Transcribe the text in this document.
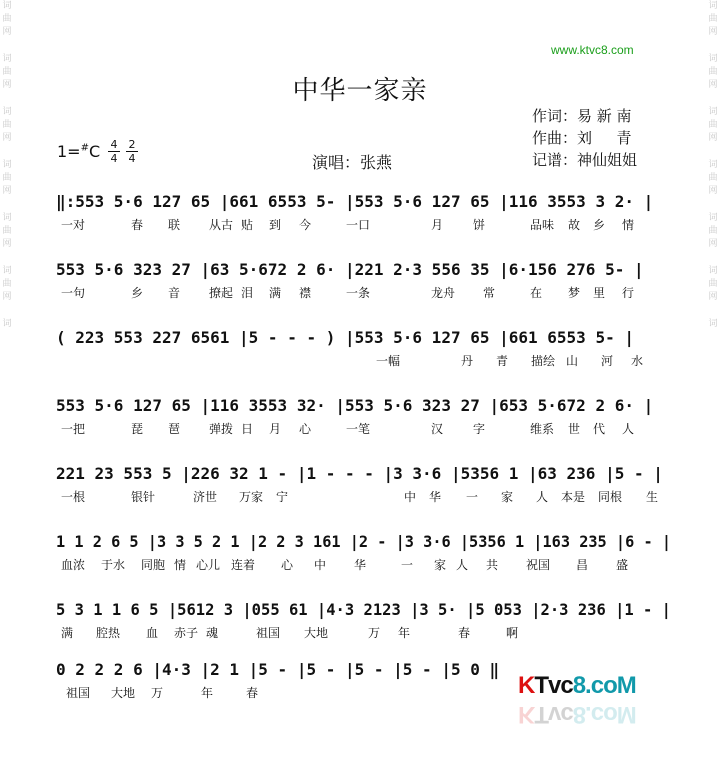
词
曲
网
词
曲
网
词
曲
网
词
曲
网
词
曲
网
词
曲
网
词
词
曲
网
词
曲
网
词
曲
网
词
曲
网
词
曲
网
词
曲
网
词
www.ktvc8.com
中华一家亲
作词：易 新 南
作曲：刘 　 青
记谱：神仙姐姐
1=#C 4
4
2
4	演唱：张燕
‖:553 5·6 127 65 |661 6553 5- |553 5·6 127 65 |116 3553 3 2· |
一对	春 联 从古 贴 到 今	一口	月 饼	品味 故 乡 情
553 5·6 323 27 |63 5·672 2 6· |221 2·3 556 35 |6·156 276 5- |
一句	乡 音 撩起 泪 满 襟	一条	龙舟 常	在 梦 里 行
( 223 553 227 6561 |5 - - - ) |553 5·6 127 65 |661 6553 5- |
一幅	丹 青 描绘 山 河 水
553 5·6 127 65 |116 3553 32· |553 5·6 323 27 |653 5·672 2 6· |
一把	琵 琶 弹拨 日 月 心	一笔	汉 字	维系 世 代 人
221 23 553 5 |226 32 1 - |1 - - - |3 3·6 |5356 1 |63 236 |5 - |
一根	银针	济世 万家 宁	中 华 一 家 人 本是 同根 生
1 1 2 6 5 |3 3 5 2 1 |2 2 3 161 |2 - |3 3·6 |5356 1 |163 235 |6 - |
血浓 于水 同胞 情 心儿 连着 心 中 华	一 家 人 共 祝国 昌 盛
5 3 1 1 6 5 |5612 3 |055 61 |4·3 2123 |3 5· |5 053 |2·3 236 |1 - |
满 腔热 血 赤子 魂	祖国 大地	万 年	春	啊
0 2 2 2 6 |4·3 |2 1 |5 - |5 - |5 - |5 - |5 0 ‖
祖国 大地 万	年	春	KTvc8.coM
KTvc8.coM
